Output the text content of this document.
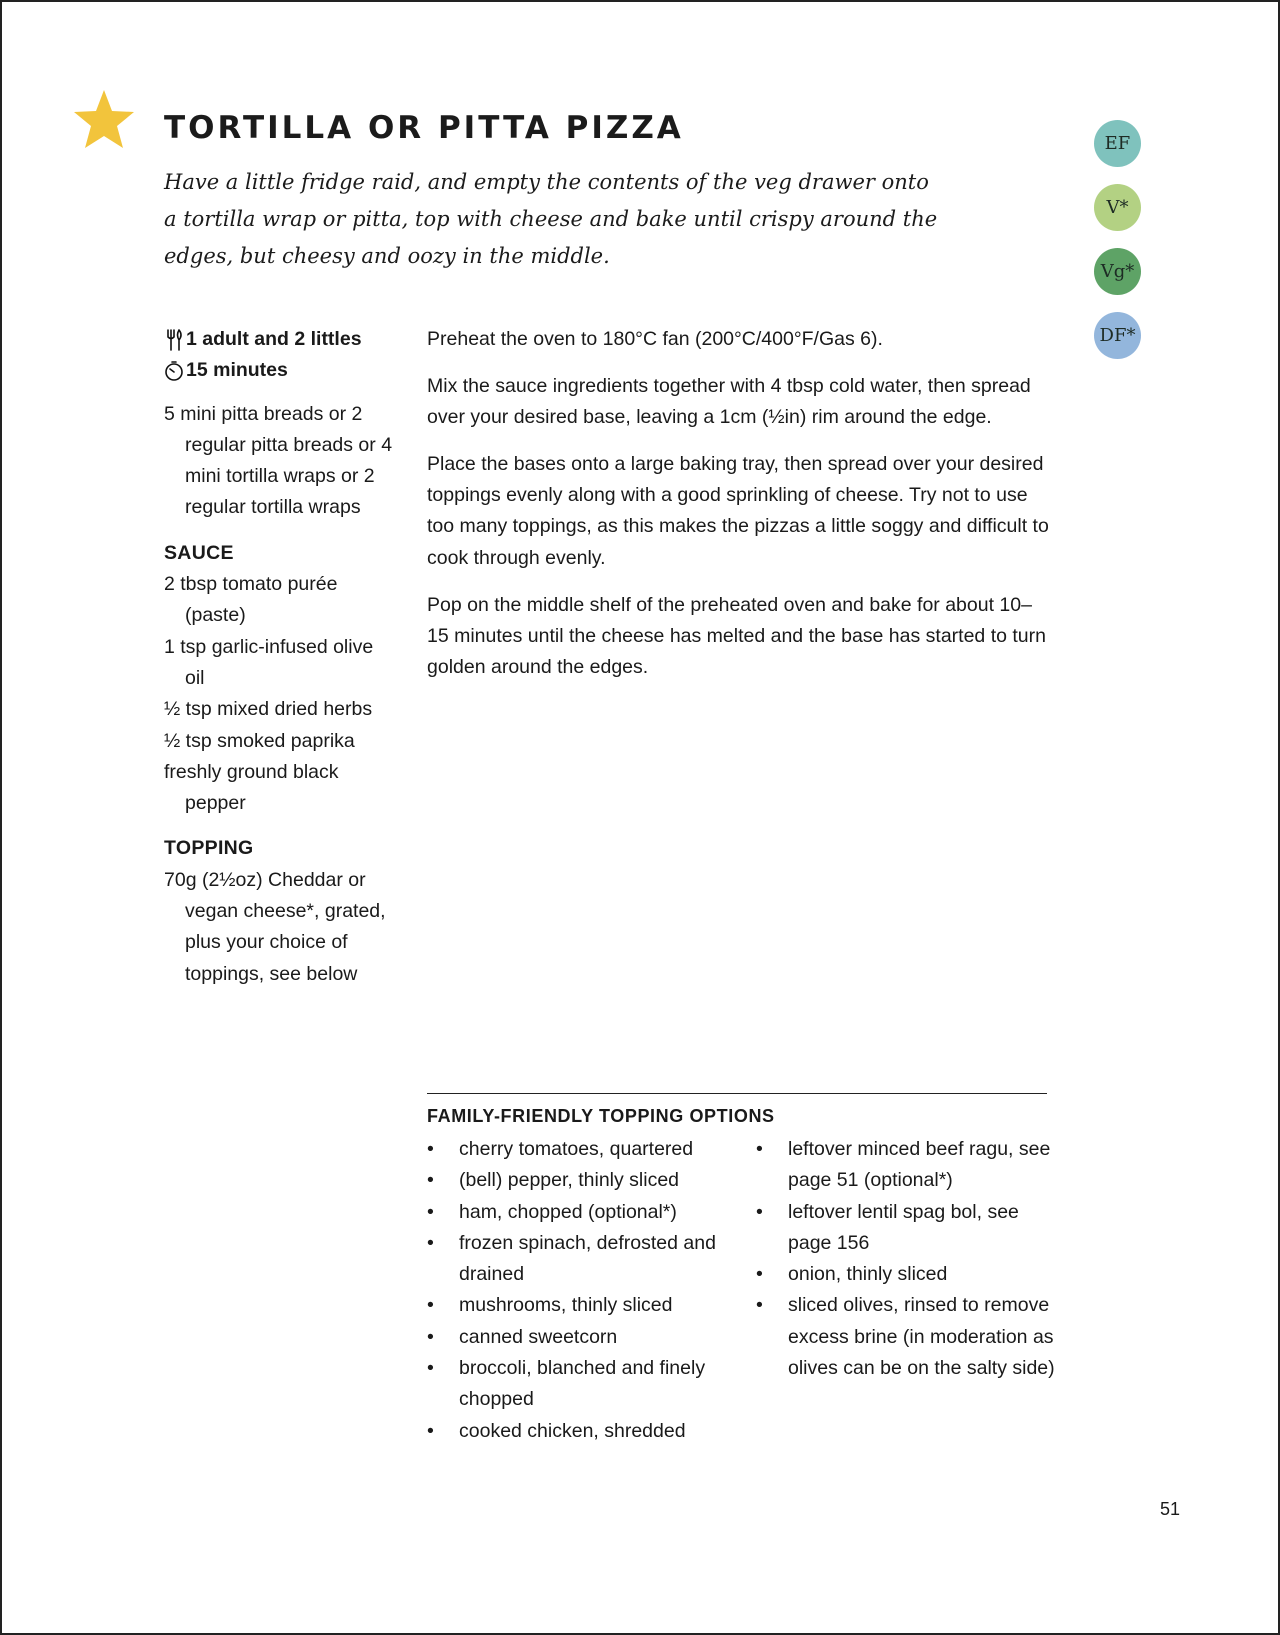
TORTILLA OR PITTA PIZZA

Have a little fridge raid, and empty the contents of the veg drawer onto a tortilla wrap or pitta, top with cheese and bake until crispy around the edges, but cheesy and oozy in the middle.

EF
V*
Vg*
DF*
1 adult and 2 littles
15 minutes
5 mini pitta breads or 2 regular pitta breads or 4 mini tortilla wraps or 2 regular tortilla wraps
SAUCE
2 tbsp tomato purée (paste)
1 tsp garlic-infused olive oil
½ tsp mixed dried herbs
½ tsp smoked paprika
freshly ground black pepper
TOPPING
70g (2½oz) Cheddar or vegan cheese*, grated, plus your choice of toppings, see below

Preheat the oven to 180°C fan (200°C/400°F/Gas 6).

Mix the sauce ingredients together with 4 tbsp cold water, then spread over your desired base, leaving a 1cm (½in) rim around the edge.

Place the bases onto a large baking tray, then spread over your desired toppings evenly along with a good sprinkling of cheese. Try not to use too many toppings, as this makes the pizzas a little soggy and difficult to cook through evenly.

Pop on the middle shelf of the preheated oven and bake for about 10–15 minutes until the cheese has melted and the base has started to turn golden around the edges.

FAMILY-FRIENDLY TOPPING OPTIONS
• cherry tomatoes, quartered
• (bell) pepper, thinly sliced
• ham, chopped (optional*)
• frozen spinach, defrosted and drained
• mushrooms, thinly sliced
• canned sweetcorn
• broccoli, blanched and finely chopped
• cooked chicken, shredded
• leftover minced beef ragu, see page 51 (optional*)
• leftover lentil spag bol, see page 156
• onion, thinly sliced
• sliced olives, rinsed to remove excess brine (in moderation as olives can be on the salty side)
51
